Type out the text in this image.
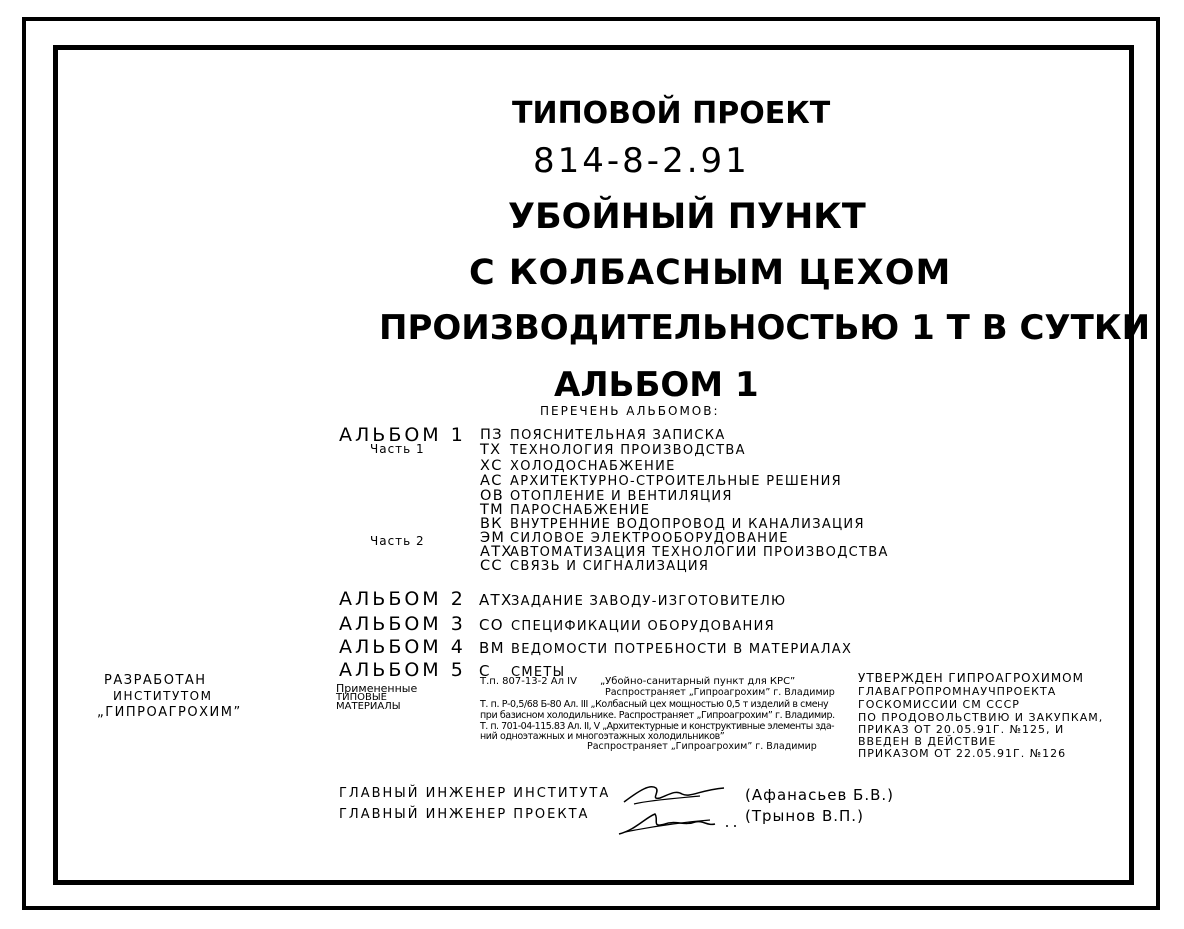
ТИПОВОЙ ПРОЕКТ
814-8-2.91
УБОЙНЫЙ ПУНКТ
С КОЛБАСНЫМ ЦЕХОМ
ПРОИЗВОДИТЕЛЬНОСТЬЮ 1 Т В СУТКИ
АЛЬБОМ 1
ПЕРЕЧЕНЬ АЛЬБОМОВ:
АЛЬБОМ 1
Часть 1
Часть 2
ПЗ ПОЯСНИТЕЛЬНАЯ ЗАПИСКА
ТХ ТЕХНОЛОГИЯ ПРОИЗВОДСТВА
ХС ХОЛОДОСНАБЖЕНИЕ
АС АРХИТЕКТУРНО-СТРОИТЕЛЬНЫЕ РЕШЕНИЯ
ОВ ОТОПЛЕНИЕ И ВЕНТИЛЯЦИЯ
ТМ ПАРОСНАБЖЕНИЕ
ВК ВНУТРЕННИЕ ВОДОПРОВОД И КАНАЛИЗАЦИЯ
ЭМ СИЛОВОЕ ЭЛЕКТРООБОРУДОВАНИЕ
АТХАВТОМАТИЗАЦИЯ ТЕХНОЛОГИИ ПРОИЗВОДСТВА
СС СВЯЗЬ И СИГНАЛИЗАЦИЯ
АЛЬБОМ 2 АТХЗАДАНИЕ ЗАВОДУ-ИЗГОТОВИТЕЛЮ
АЛЬБОМ 3 СО СПЕЦИФИКАЦИИ ОБОРУДОВАНИЯ
АЛЬБОМ 4 ВМ ВЕДОМОСТИ ПОТРЕБНОСТИ В МАТЕРИАЛАХ
АЛЬБОМ 5 С СМЕТЫ
РАЗРАБОТАН
ИНСТИТУТОМ
„ГИПРОАГРОХИМ”
Примененные
ТИПОВЫЕ
МАТЕРИАЛЫ
Т.п. 807-13-2 Ал IV „Убойно-санитарный пункт для КРС”
Распространяет „Гипроагрохим” г. Владимир
Т. п. Р-0,5/68 Б-80 Ал. III „Колбасный цех мощностью 0,5 т изделий в смену
при базисном холодильнике. Распространяет „Гипроагрохим” г. Владимир.
Т. п. 701-04-115.83 Ал. II, V „Архитектурные и конструктивные элементы зда-
ний одноэтажных и многоэтажных холодильников”
Распространяет „Гипроагрохим” г. Владимир
УТВЕРЖДЕН ГИПРОАГРОХИМОМ
ГЛАВАГРОПРОМНАУЧПРОЕКТА
ГОСКОМИССИИ СМ СССР
ПО ПРОДОВОЛЬСТВИЮ И ЗАКУПКАМ,
ПРИКАЗ ОТ 20.05.91Г. №125, И
ВВЕДЕН В ДЕЙСТВИЕ
ПРИКАЗОМ ОТ 22.05.91Г. №126
ГЛАВНЫЙ ИНЖЕНЕР ИНСТИТУТА	(Афанасьев Б.В.)
ГЛАВНЫЙ ИНЖЕНЕР ПРОЕКТА	(Трынов В.П.)
